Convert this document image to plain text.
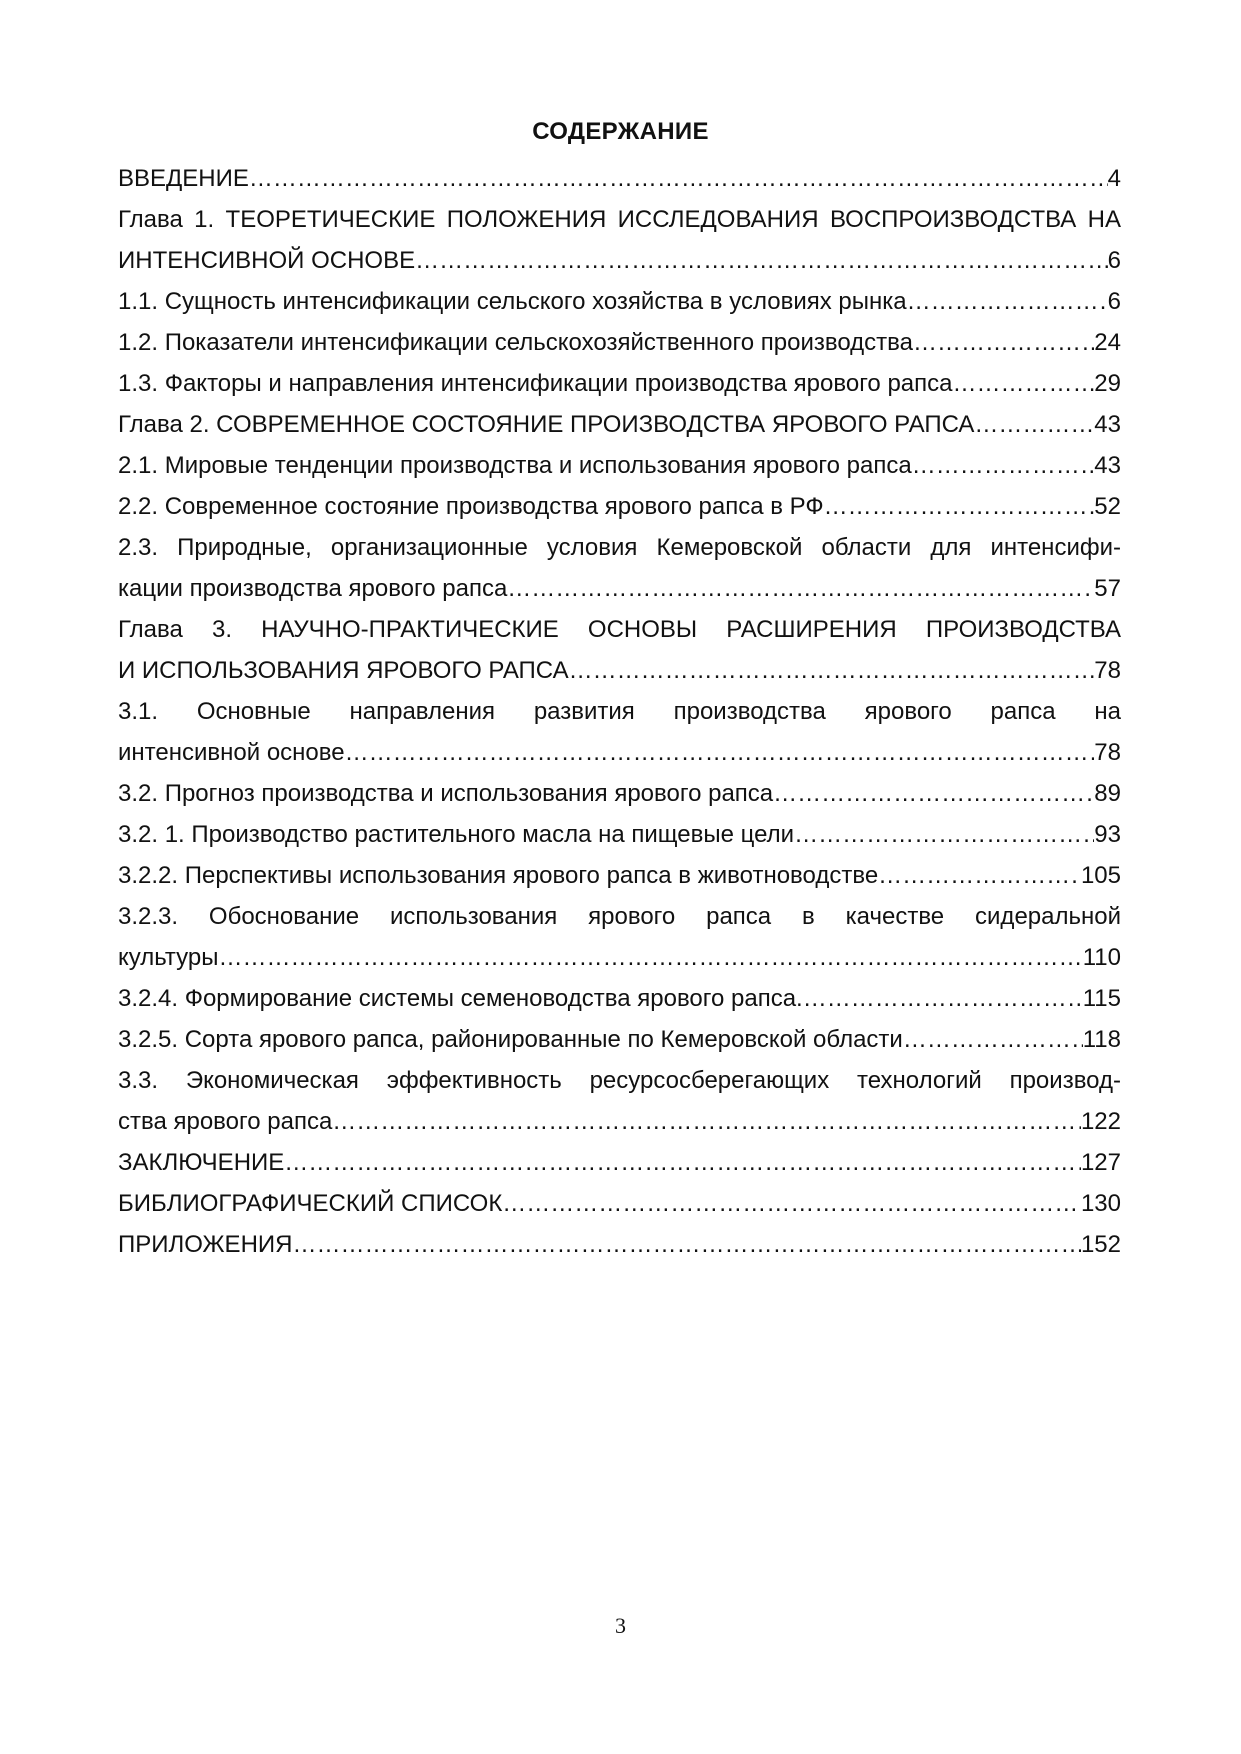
СОДЕРЖАНИЕ
ВВЕДЕНИЕ ……………………………………………………………………………………………………………………………………………………………………………………………………	4
Глава 1. ТЕОРЕТИЧЕСКИЕ ПОЛОЖЕНИЯ ИССЛЕДОВАНИЯ ВОСПРОИЗВОДСТВА НА
ИНТЕНСИВНОЙ ОСНОВЕ ……………………………………………………………………………………………………………………………………………………………………………………………………	6
1.1. Сущность интенсификации сельского хозяйства в условиях рынка ……………………………………………………………………………………………………………………………………………………………………………………………………	6
1.2. Показатели интенсификации сельскохозяйственного производства ……………………………………………………………………………………………………………………………………………………………………………………………………	24
1.3. Факторы и направления интенсификации производства ярового рапса ……………………………………………………………………………………………………………………………………………………………………………………………………	29
Глава 2. СОВРЕМЕННОЕ СОСТОЯНИЕ ПРОИЗВОДСТВА ЯРОВОГО РАПСА ……………………………………………………………………………………………………………………………………………………………………………………………………	43
2.1. Мировые тенденции производства и использования ярового рапса ……………………………………………………………………………………………………………………………………………………………………………………………………	43
2.2. Современное состояние производства ярового рапса в РФ ……………………………………………………………………………………………………………………………………………………………………………………………………	52
2.3. Природные, организационные условия Кемеровской области для интенсифи-
кации производства ярового рапса ……………………………………………………………………………………………………………………………………………………………………………………………………	57
Глава 3. НАУЧНО-ПРАКТИЧЕСКИЕ ОСНОВЫ РАСШИРЕНИЯ ПРОИЗВОДСТВА
И ИСПОЛЬЗОВАНИЯ ЯРОВОГО РАПСА ……………………………………………………………………………………………………………………………………………………………………………………………………	78
3.1. Основные направления развития производства ярового рапса на
интенсивной основе ……………………………………………………………………………………………………………………………………………………………………………………………………	78
3.2. Прогноз производства и использования ярового рапса ……………………………………………………………………………………………………………………………………………………………………………………………………	89
3.2. 1. Производство растительного масла на пищевые цели ……………………………………………………………………………………………………………………………………………………………………………………………………	93
3.2.2. Перспективы использования ярового рапса в животноводстве ……………………………………………………………………………………………………………………………………………………………………………………………………	105
3.2.3. Обоснование использования ярового рапса в качестве сидеральной
культуры ……………………………………………………………………………………………………………………………………………………………………………………………………	110
3.2.4. Формирование системы семеноводства ярового рапса. ……………………………………………………………………………………………………………………………………………………………………………………………………	115
3.2.5. Сорта ярового рапса, районированные по Кемеровской области ……………………………………………………………………………………………………………………………………………………………………………………………………	118
3.3. Экономическая эффективность ресурсосберегающих технологий производ-
ства ярового рапса ……………………………………………………………………………………………………………………………………………………………………………………………………	122
ЗАКЛЮЧЕНИЕ ……………………………………………………………………………………………………………………………………………………………………………………………………	127
БИБЛИОГРАФИЧЕСКИЙ СПИСОК ……………………………………………………………………………………………………………………………………………………………………………………………………	130
ПРИЛОЖЕНИЯ ……………………………………………………………………………………………………………………………………………………………………………………………………	152
3
